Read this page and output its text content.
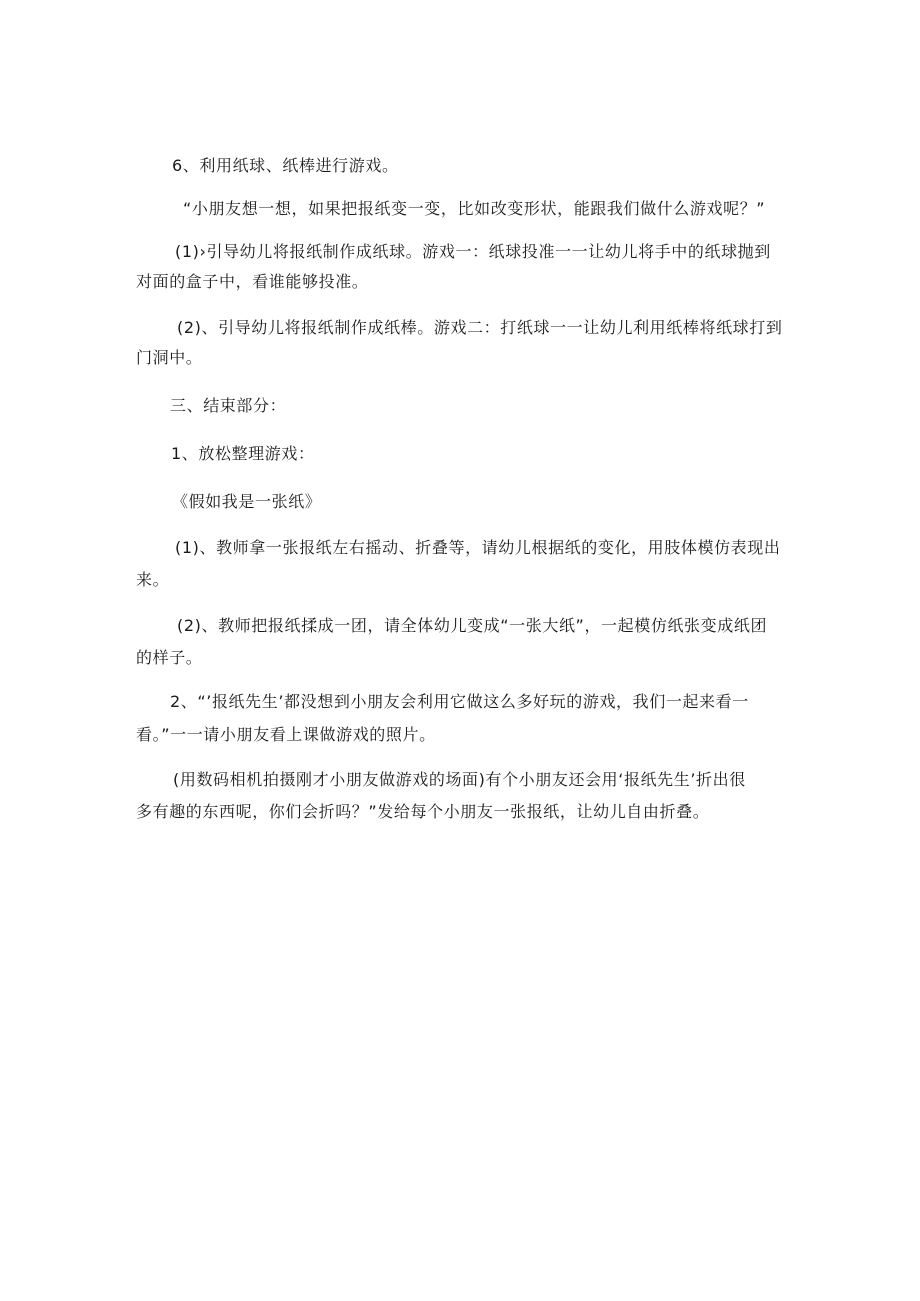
6、利用纸球、纸棒进行游戏。
“小朋友想一想，如果把报纸变一变，比如改变形状，能跟我们做什么游戏呢？”
(1)›引导幼儿将报纸制作成纸球。游戏一：纸球投准一一让幼儿将手中的纸球抛到
对面的盒子中，看谁能够投准。
(2)、引导幼儿将报纸制作成纸棒。游戏二：打纸球一一让幼儿利用纸棒将纸球打到
门洞中。
三、结束部分：
1、放松整理游戏：
《假如我是一张纸》
(1)、教师拿一张报纸左右摇动、折叠等，请幼儿根据纸的变化，用肢体模仿表现出
来。
(2)、教师把报纸揉成一团，请全体幼儿变成“一张大纸”，一起模仿纸张变成纸团
的样子。
2、“’报纸先生’都没想到小朋友会利用它做这么多好玩的游戏，我们一起来看一
看。”一一请小朋友看上课做游戏的照片。
(用数码相机拍摄刚才小朋友做游戏的场面)有个小朋友还会用‘报纸先生’折出很
多有趣的东西呢，你们会折吗？”发给每个小朋友一张报纸，让幼儿自由折叠。
